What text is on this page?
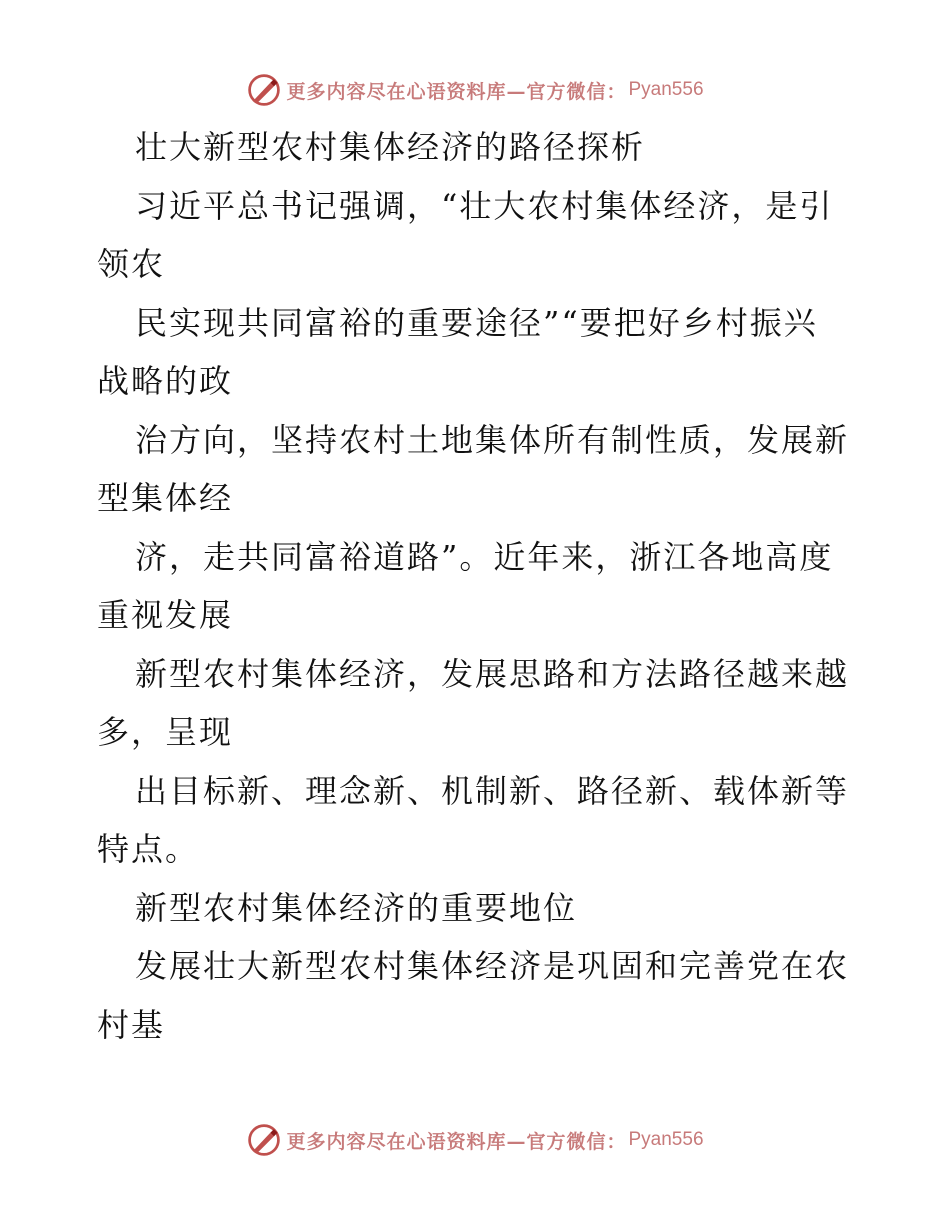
更多内容尽在心语资料库—官方微信： Pyan556

壮大新型农村集体经济的路径探析

习近平总书记强调，“壮大农村集体经济，是引

领农

民实现共同富裕的重要途径”“要把好乡村振兴

战略的政

治方向，坚持农村土地集体所有制性质，发展新

型集体经

济，走共同富裕道路”。近年来，浙江各地高度

重视发展

新型农村集体经济，发展思路和方法路径越来越

多，呈现

出目标新、理念新、机制新、路径新、载体新等

特点。

新型农村集体经济的重要地位

发展壮大新型农村集体经济是巩固和完善党在农

村基

更多内容尽在心语资料库—官方微信： Pyan556
